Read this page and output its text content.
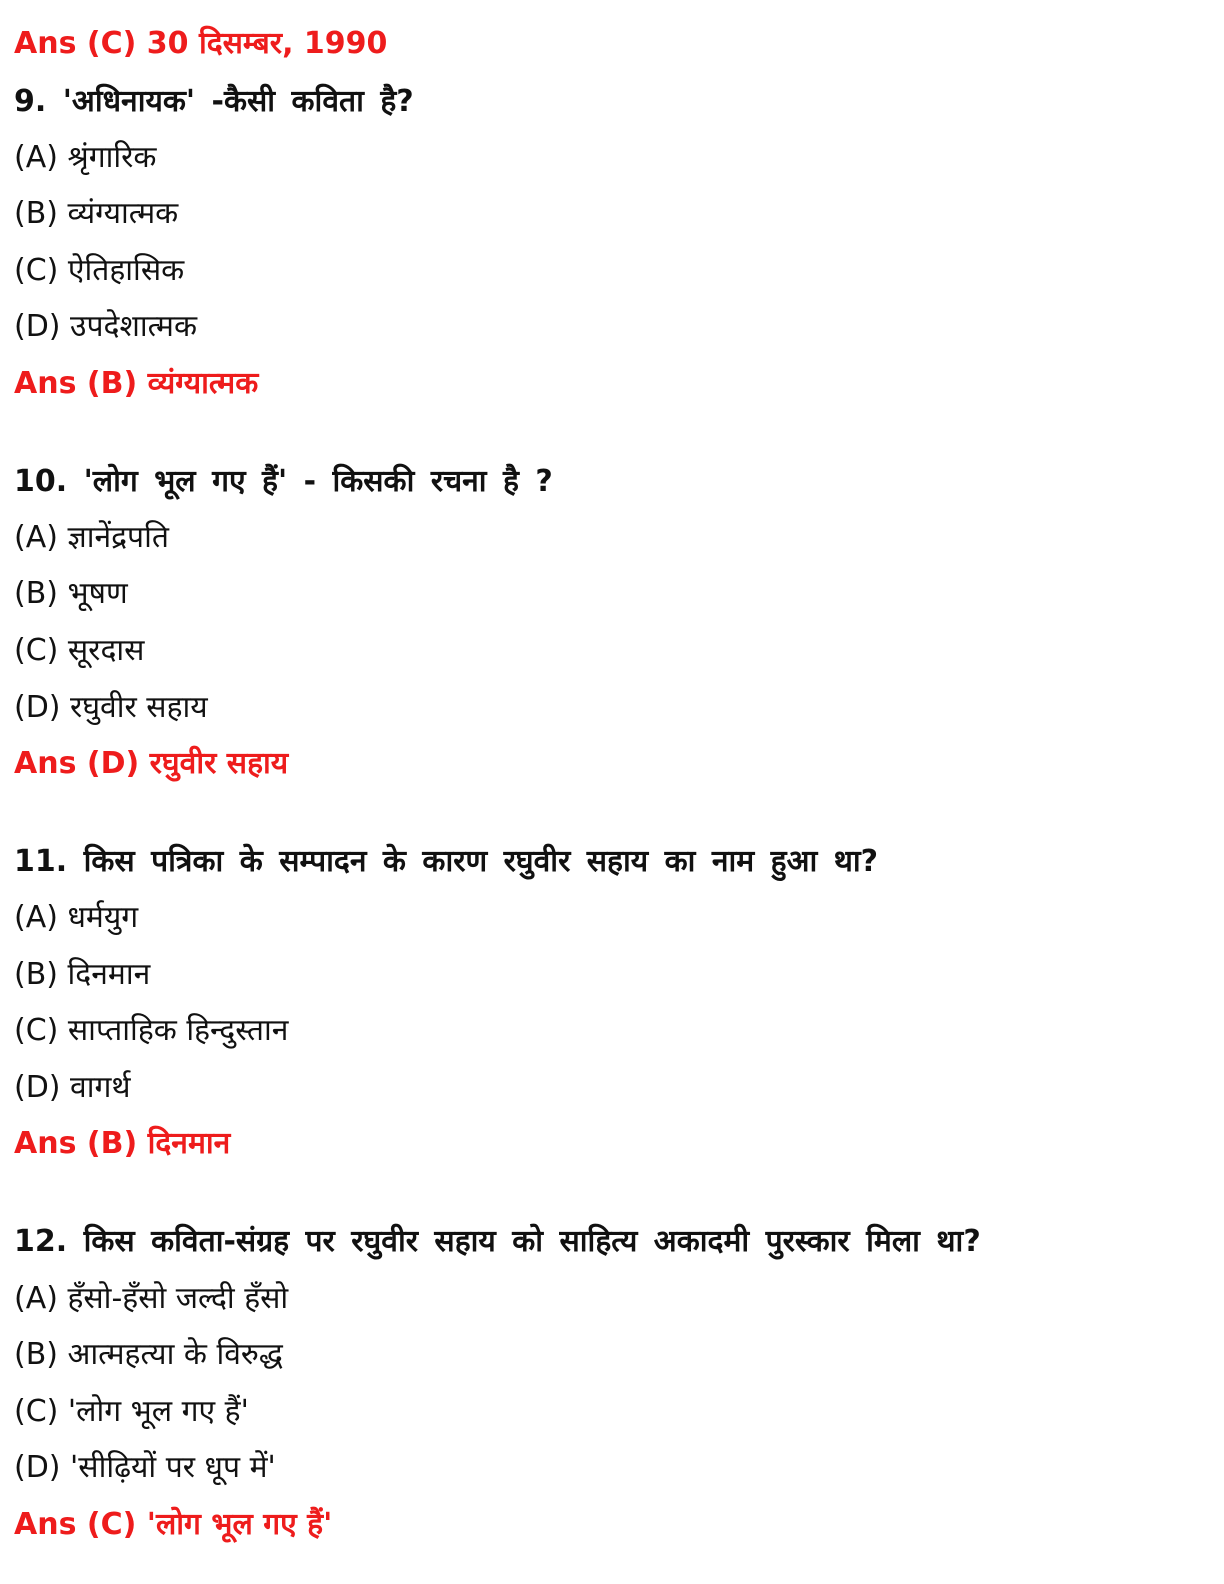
Ans (C) 30 दिसम्बर, 1990
9. 'अधिनायक' -कैसी कविता है?
(A) श्रृंगारिक
(B) व्यंग्यात्मक
(C) ऐतिहासिक
(D) उपदेशात्मक
Ans (B) व्यंग्यात्मक
10. 'लोग भूल गए हैं' - किसकी रचना है ?
(A) ज्ञानेंद्रपति
(B) भूषण
(C) सूरदास
(D) रघुवीर सहाय
Ans (D) रघुवीर सहाय
11. किस पत्रिका के सम्पादन के कारण रघुवीर सहाय का नाम हुआ था?
(A) धर्मयुग
(B) दिनमान
(C) साप्ताहिक हिन्दुस्तान
(D) वागर्थ
Ans (B) दिनमान
12. किस कविता-संग्रह पर रघुवीर सहाय को साहित्य अकादमी पुरस्कार मिला था?
(A) हँसो-हँसो जल्दी हँसो
(B) आत्महत्या के विरुद्ध
(C) 'लोग भूल गए हैं'
(D) 'सीढ़ियों पर धूप में'
Ans (C) 'लोग भूल गए हैं'
